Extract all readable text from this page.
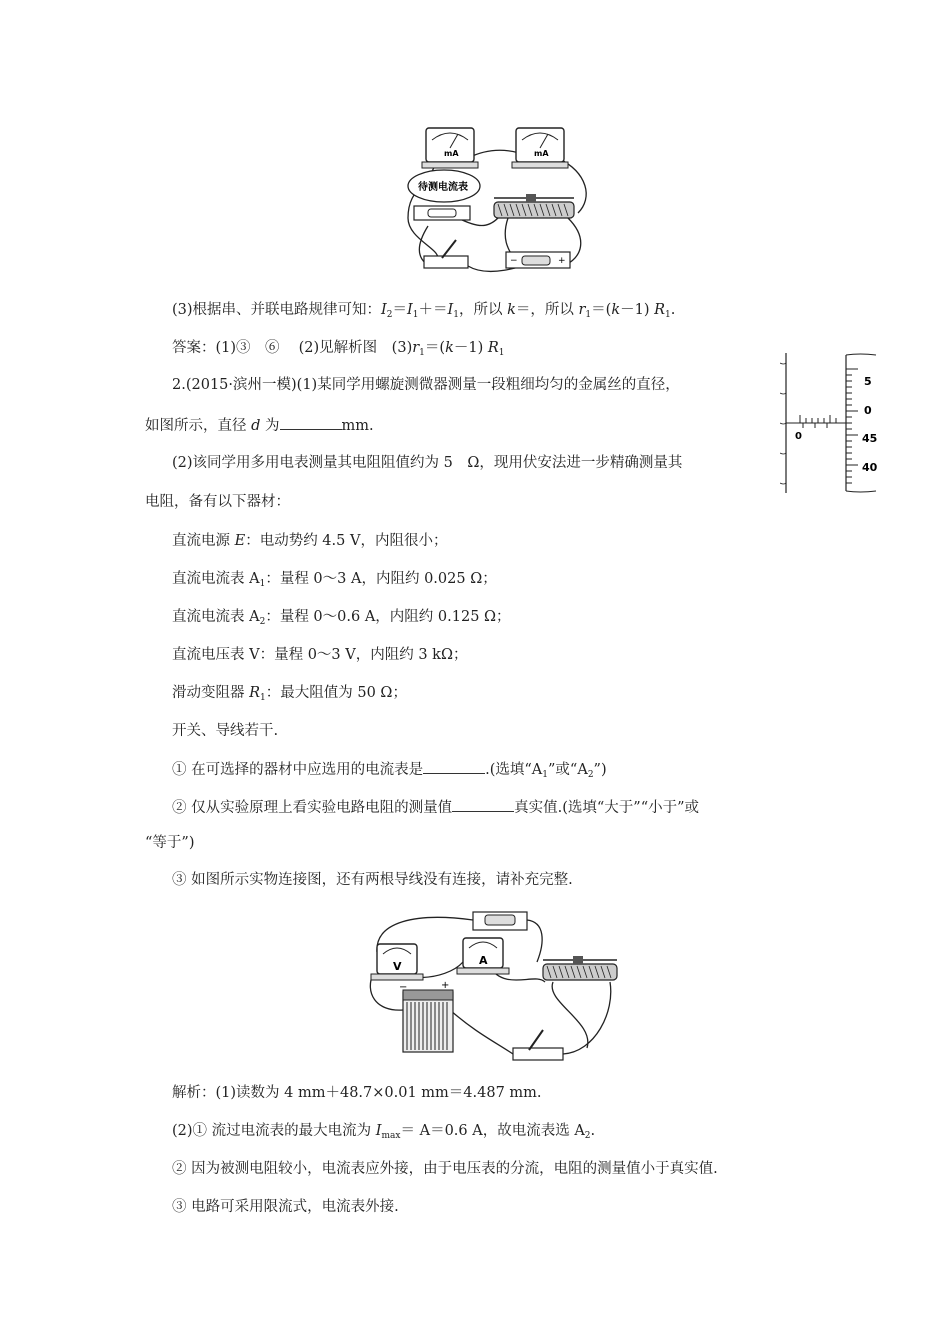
mA	mA
待测电流表
−	+
(3)根据串、并联电路规律可知：$I_2=I_1+=I_1$，所以 k＝，所以 $r_1=(k-1)$ $R_1$.
答案：(1)③　⑥　 (2)见解析图　$(3)r_1=(k-1)$ $R_1$
2.(2015·滨州一模)(1)某同学用螺旋测微器测量一段粗细均匀的金属丝的直径，
如图所示，直径 d 为	mm.
0
5
0
45
40
(2)该同学用多用电表测量其电阻阻值约为 5　Ω，现用伏安法进一步精确测量其
电阻，备有以下器材：
直流电源 E：电动势约 4.5 V，内阻很小；
直流电流表 $A_1$：量程 0～3 A，内阻约 0.025 Ω；
直流电流表 $A_2$：量程 0～0.6 A，内阻约 0.125 Ω；
直流电压表 V：量程 0～3 V，内阻约 3 kΩ；
滑动变阻器 $R_1$：最大阻值为 50 Ω；
开关、导线若干.
① 在可选择的器材中应选用的电流表是	.(选填“$A_1$”或“$A_2$”)
② 仅从实验原理上看实验电路电阻的测量值	真实值.(选填“大于”“小于”或
“等于”)
③ 如图所示实物连接图，还有两根导线没有连接，请补充完整.
V	A
−	+
解析：(1)读数为 4 mm＋48.7×0.01 mm＝4.487 mm.
(2)① 流过电流表的最大电流为 $I_{max}= A=0.6$ A，故电流表选 $A_2$.
② 因为被测电阻较小，电流表应外接，由于电压表的分流，电阻的测量值小于真实值.
③ 电路可采用限流式，电流表外接.
